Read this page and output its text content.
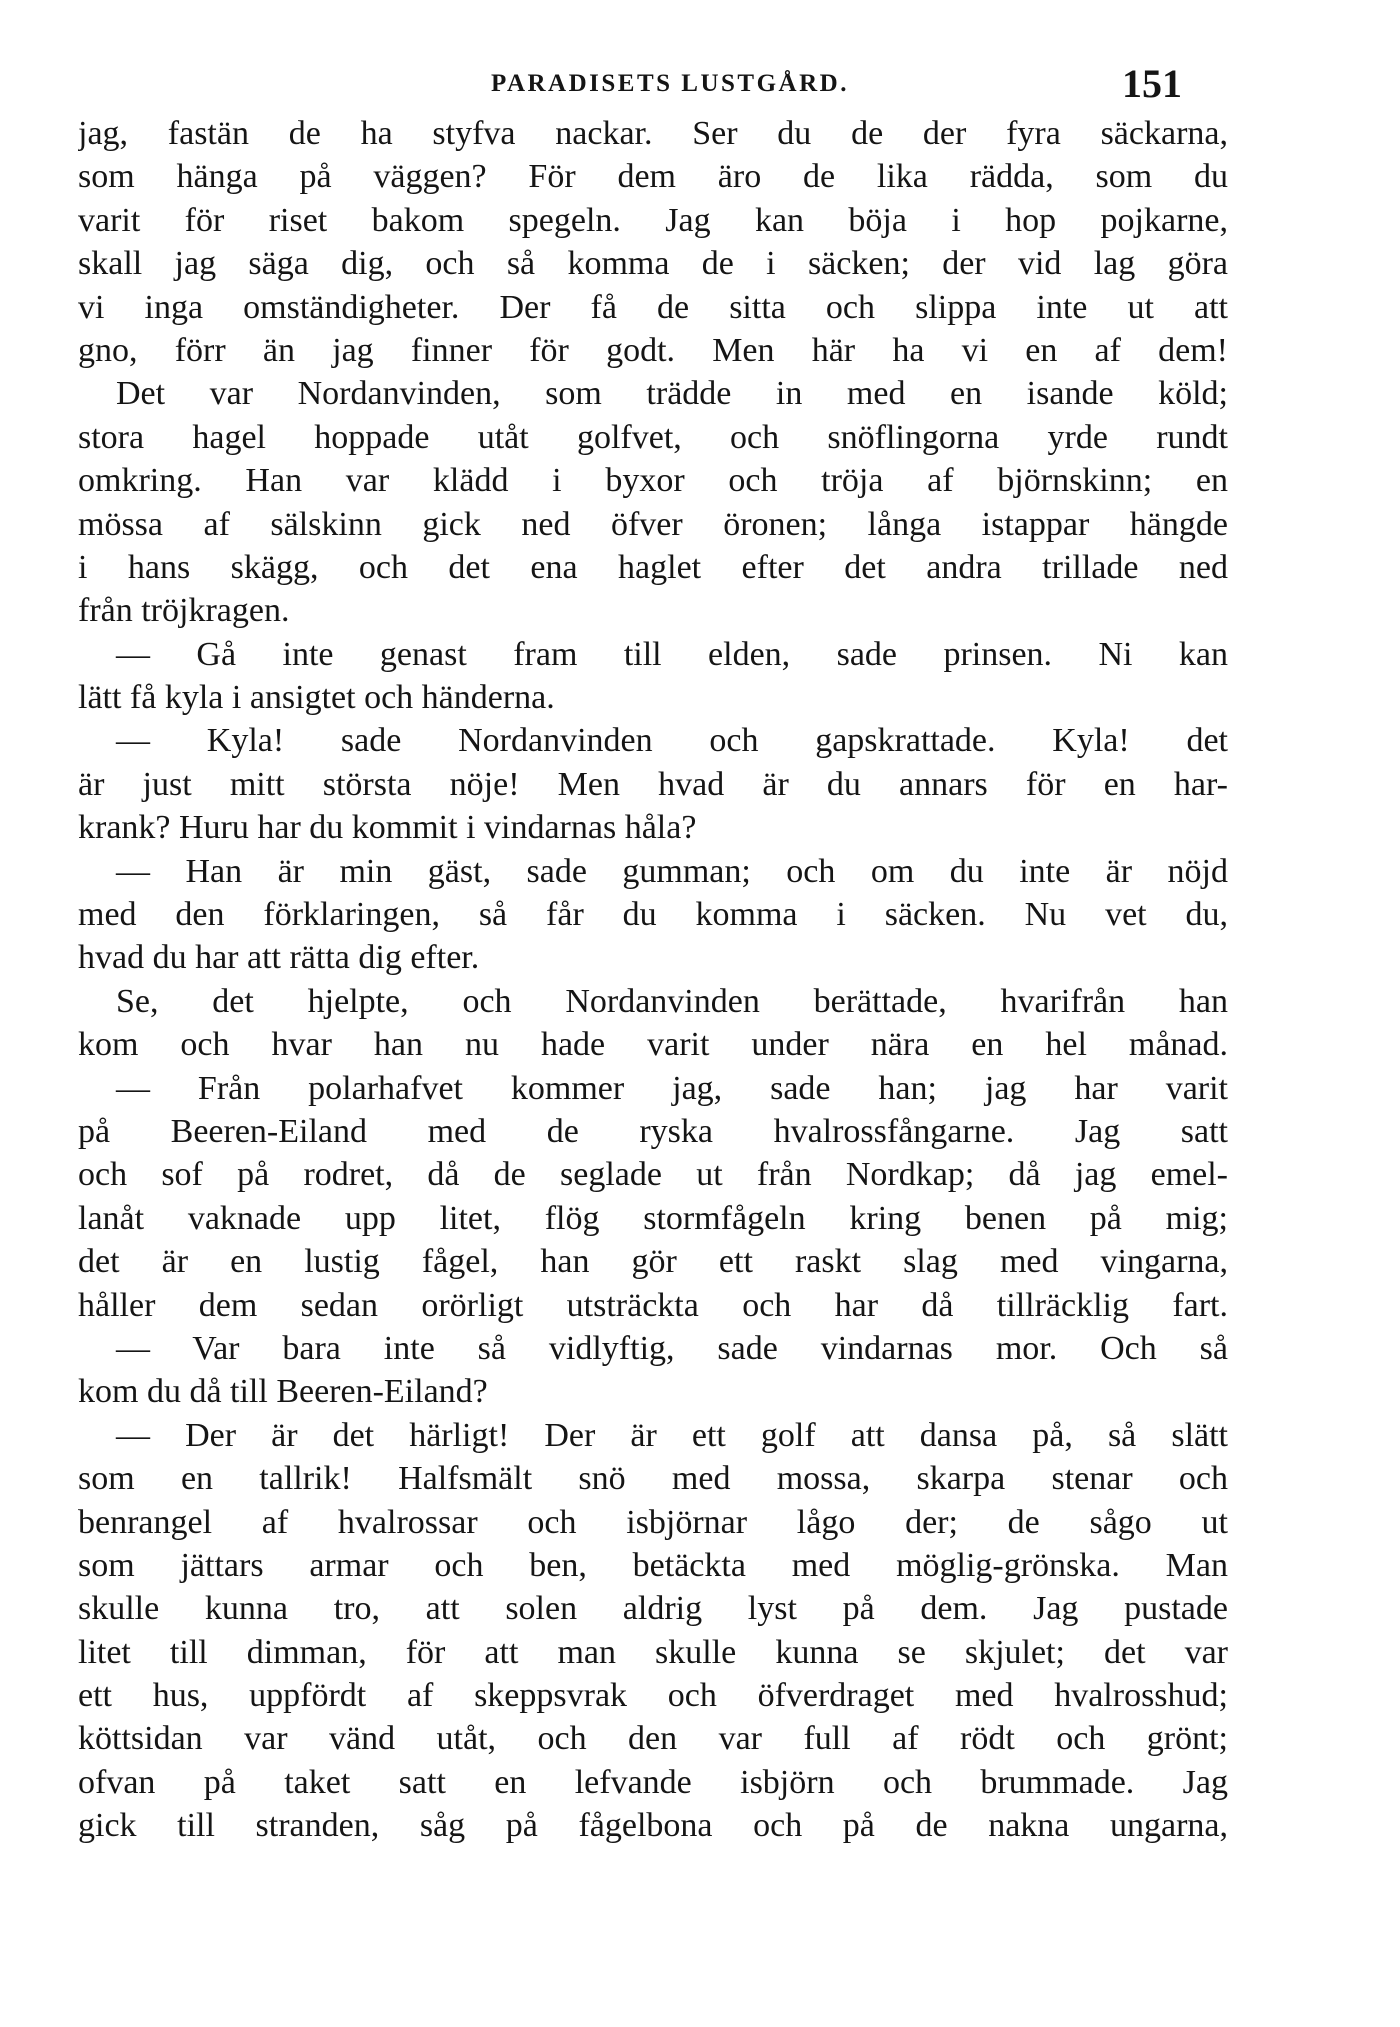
PARADISETS LUSTGÅRD.	151
jag, fastän de ha styfva nackar. Ser du de der fyra säckarna,
som hänga på väggen? För dem äro de lika rädda, som du
varit för riset bakom spegeln. Jag kan böja i hop pojkarne,
skall jag säga dig, och så komma de i säcken; der vid lag göra
vi inga omständigheter. Der få de sitta och slippa inte ut att
gno, förr än jag finner för godt. Men här ha vi en af dem!
Det var Nordanvinden, som trädde in med en isande köld;
stora hagel hoppade utåt golfvet, och snöflingorna yrde rundt
omkring. Han var klädd i byxor och tröja af björnskinn; en
mössa af sälskinn gick ned öfver öronen; långa istappar hängde
i hans skägg, och det ena haglet efter det andra trillade ned
från tröjkragen.
— Gå inte genast fram till elden, sade prinsen. Ni kan
lätt få kyla i ansigtet och händerna.
— Kyla! sade Nordanvinden och gapskrattade. Kyla! det
är just mitt största nöje! Men hvad är du annars för en har-
krank? Huru har du kommit i vindarnas håla?
— Han är min gäst, sade gumman; och om du inte är nöjd
med den förklaringen, så får du komma i säcken. Nu vet du,
hvad du har att rätta dig efter.
Se, det hjelpte, och Nordanvinden berättade, hvarifrån han
kom och hvar han nu hade varit under nära en hel månad.
— Från polarhafvet kommer jag, sade han; jag har varit
på Beeren-Eiland med de ryska hvalrossfångarne. Jag satt
och sof på rodret, då de seglade ut från Nordkap; då jag emel-
lanåt vaknade upp litet, flög stormfågeln kring benen på mig;
det är en lustig fågel, han gör ett raskt slag med vingarna,
håller dem sedan orörligt utsträckta och har då tillräcklig fart.
— Var bara inte så vidlyftig, sade vindarnas mor. Och så
kom du då till Beeren-Eiland?
— Der är det härligt! Der är ett golf att dansa på, så slätt
som en tallrik! Halfsmält snö med mossa, skarpa stenar och
benrangel af hvalrossar och isbjörnar lågo der; de sågo ut
som jättars armar och ben, betäckta med möglig-grönska. Man
skulle kunna tro, att solen aldrig lyst på dem. Jag pustade
litet till dimman, för att man skulle kunna se skjulet; det var
ett hus, uppfördt af skeppsvrak och öfverdraget med hvalrosshud;
köttsidan var vänd utåt, och den var full af rödt och grönt;
ofvan på taket satt en lefvande isbjörn och brummade. Jag
gick till stranden, såg på fågelbona och på de nakna ungarna,
